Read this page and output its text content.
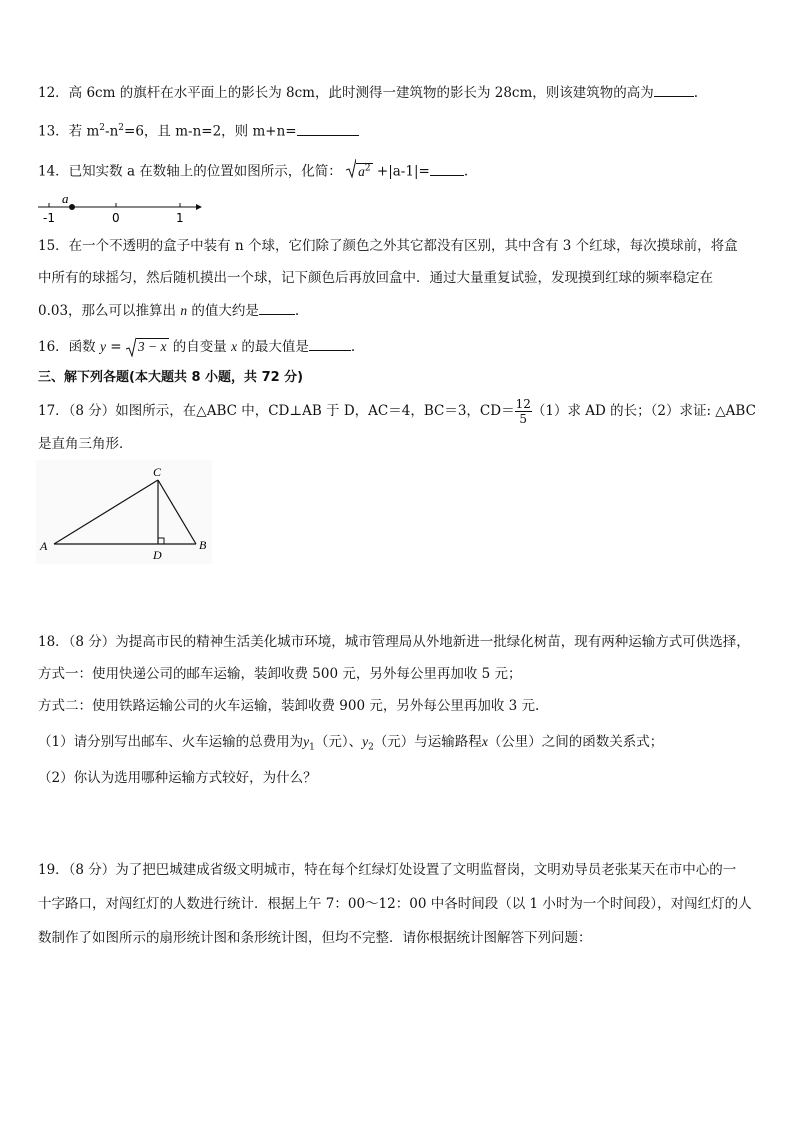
12．高 6cm 的旗杆在水平面上的影长为 8cm，此时测得一建筑物的影长为 28cm，则该建筑物的高为	.
13．若 $m^2-n^2=6$，且 m-n=2，则 m+n=
14．已知实数 a 在数轴上的位置如图所示，化简： $a^2 +|a-1|=$	.
a
-1	0	1
15．在一个不透明的盒子中装有 n 个球，它们除了颜色之外其它都没有区别，其中含有 3 个红球，每次摸球前，将盒
中所有的球摇匀，然后随机摸出一个球，记下颜色后再放回盒中．通过大量重复试验，发现摸到红球的频率稳定在
0.03，那么可以推算出 n 的值大约是	.
16．函数 y =
3 − x 的自变量 x 的最大值是	.
三、解下列各题(本大题共 8 小题，共 72 分)
17．（8 分）如图所示，在△ABC 中，CD⊥AB 于 D，AC＝4，BC＝3，$CD= \frac{12}{5} (1)$求 AD 的长；（2）求证: △ABC
是直角三角形．
C
A	B
D
18．（8 分）为提高市民的精神生活美化城市环境，城市管理局从外地新进一批绿化树苗，现有两种运输方式可供选择，
方式一：使用快递公司的邮车运输，装卸收费 500 元，另外每公里再加收 5 元；
方式二：使用铁路运输公司的火车运输，装卸收费 900 元，另外每公里再加收 3 元.
（1）请分别写出邮车、火车运输的总费用为$y_1$（元）、$y_2$（元）与运输路程x（公里）之间的函数关系式；
（2）你认为选用哪种运输方式较好，为什么？
19．（8 分）为了把巴城建成省级文明城市，特在每个红绿灯处设置了文明监督岗，文明劝导员老张某天在市中心的一
十字路口，对闯红灯的人数进行统计．根据上午 7：00～12：00 中各时间段（以 1 小时为一个时间段），对闯红灯的人
数制作了如图所示的扇形统计图和条形统计图，但均不完整．请你根据统计图解答下列问题：
